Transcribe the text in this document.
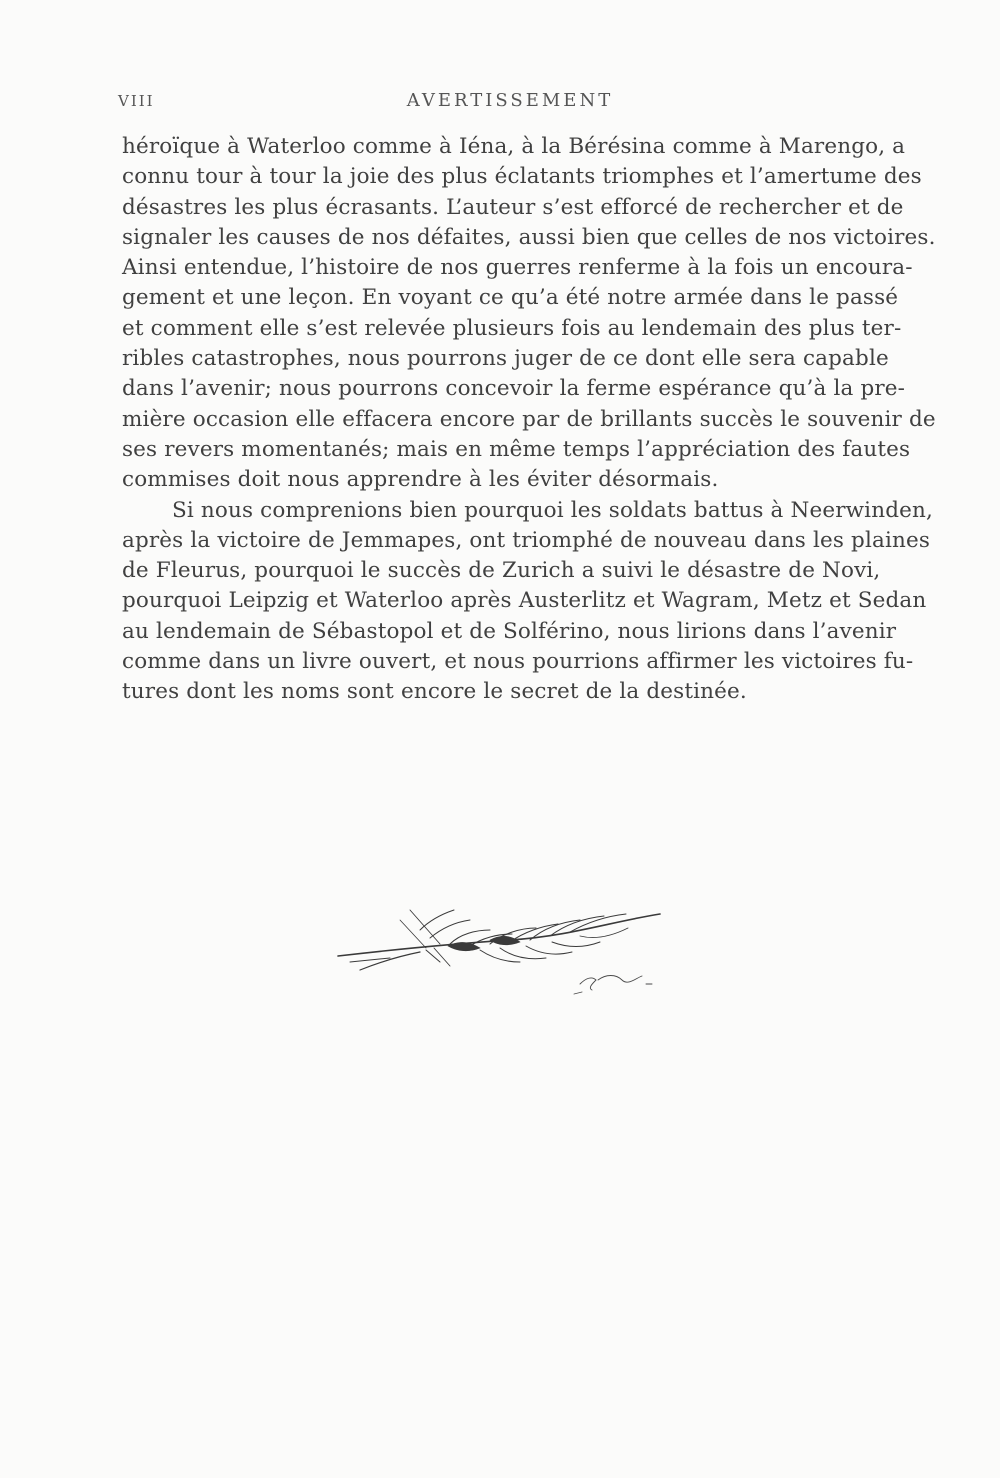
VIII	AVERTISSEMENT

héroïque à Waterloo comme à Iéna, à la Bérésina comme à Marengo, a
connu tour à tour la joie des plus éclatants triomphes et l’amertume des
désastres les plus écrasants. L’auteur s’est efforcé de rechercher et de
signaler les causes de nos défaites, aussi bien que celles de nos victoires.
Ainsi entendue, l’histoire de nos guerres renferme à la fois un encoura-
gement et une leçon. En voyant ce qu’a été notre armée dans le passé
et comment elle s’est relevée plusieurs fois au lendemain des plus ter-
ribles catastrophes, nous pourrons juger de ce dont elle sera capable
dans l’avenir; nous pourrons concevoir la ferme espérance qu’à la pre-
mière occasion elle effacera encore par de brillants succès le souvenir de
ses revers momentanés; mais en même temps l’appréciation des fautes
commises doit nous apprendre à les éviter désormais.

Si nous comprenions bien pourquoi les soldats battus à Neerwinden,
après la victoire de Jemmapes, ont triomphé de nouveau dans les plaines
de Fleurus, pourquoi le succès de Zurich a suivi le désastre de Novi,
pourquoi Leipzig et Waterloo après Austerlitz et Wagram, Metz et Sedan
au lendemain de Sébastopol et de Solférino, nous lirions dans l’avenir
comme dans un livre ouvert, et nous pourrions affirmer les victoires fu-
tures dont les noms sont encore le secret de la destinée.
